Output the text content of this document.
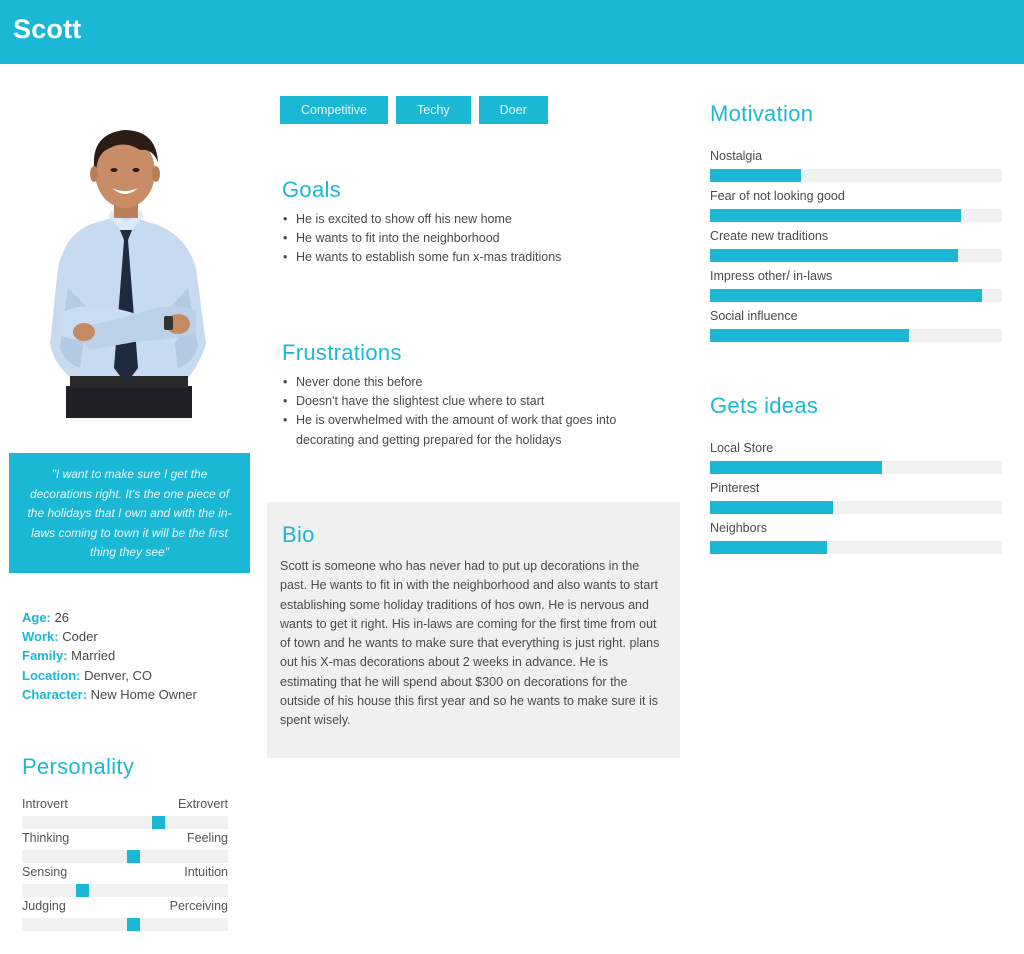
Scott
"I want to make sure I get the decorations right. It's the one piece of the holidays that I own and with the in-laws coming to town it will be the first thing they see"
Age: 26
Work: Coder
Family: Married
Location: Denver, CO
Character: New Home Owner
Personality
Introvert	Extrovert
Thinking	Feeling
Sensing	Intuition
Judging	Perceiving
Competitive	Techy	Doer
Goals
• He is excited to show off his new home
• He wants to fit into the neighborhood
• He wants to establish some fun x-mas traditions
Frustrations
• Never done this before
• Doesn't have the slightest clue where to start
• He is overwhelmed with the amount of work that goes into decorating and getting prepared for the holidays
Bio
Scott is someone who has never had to put up decorations in the past. He wants to fit in with the neighborhood and also wants to start establishing some holiday traditions of hos own. He is nervous and wants to get it right. His in-laws are coming for the first time from out of town and he wants to make sure that everything is just right. plans out his X-mas decorations about 2 weeks in advance. He is estimating that he will spend about $300 on decorations for the outside of his house this first year and so he wants to make sure it is spent wisely.
Motivation
Nostalgia
Fear of not looking good
Create new traditions
Impress other/ in-laws
Social influence
Gets ideas
Local Store
Pinterest
Neighbors
